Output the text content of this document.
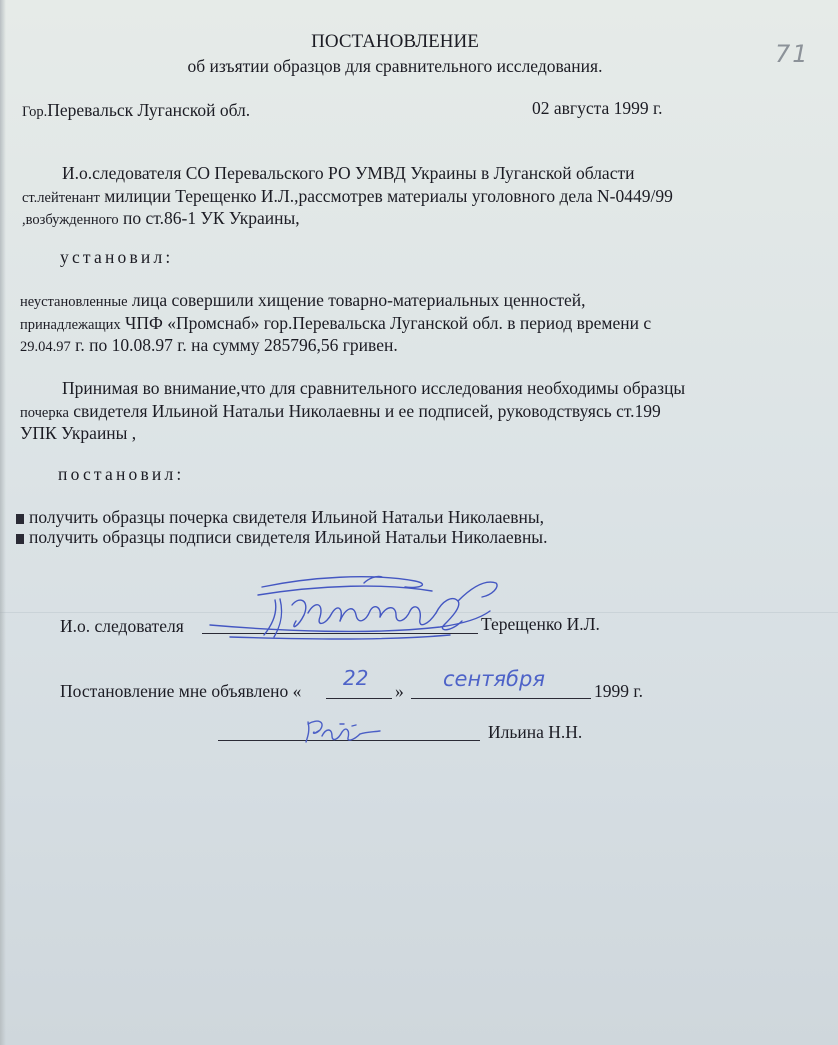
71
ПОСТАНОВЛЕНИЕ
об изъятии образцов для сравнительного исследования.
Гор.Перевальск Луганской обл.	02 августа 1999 г.
И.о.следователя СО Перевальского РО УМВД Украины в Луганской области
ст.лейтенант милиции Терещенко И.Л.,рассмотрев материалы уголовного дела N-0449/99
,возбужденного по ст.86-1 УК Украины,
установил:
неустановленные лица совершили хищение товарно-материальных ценностей,
принадлежащих ЧПФ «Промснаб» гор.Перевальска Луганской обл. в период времени с
29.04.97 г. по 10.08.97 г. на сумму 285796,56 гривен.
Принимая во внимание,что для сравнительного исследования необходимы образцы
почерка свидетеля Ильиной Натальи Николаевны и ее подписей, руководствуясь ст.199
УПК Украины ,
постановил:
получить образцы почерка свидетеля Ильиной Натальи Николаевны,
получить образцы подписи свидетеля Ильиной Натальи Николаевны.
И.о. следователя	Терещенко И.Л.
Постановление мне объявлено «
22
» сентября	1999 г.
Ильина Н.Н.
